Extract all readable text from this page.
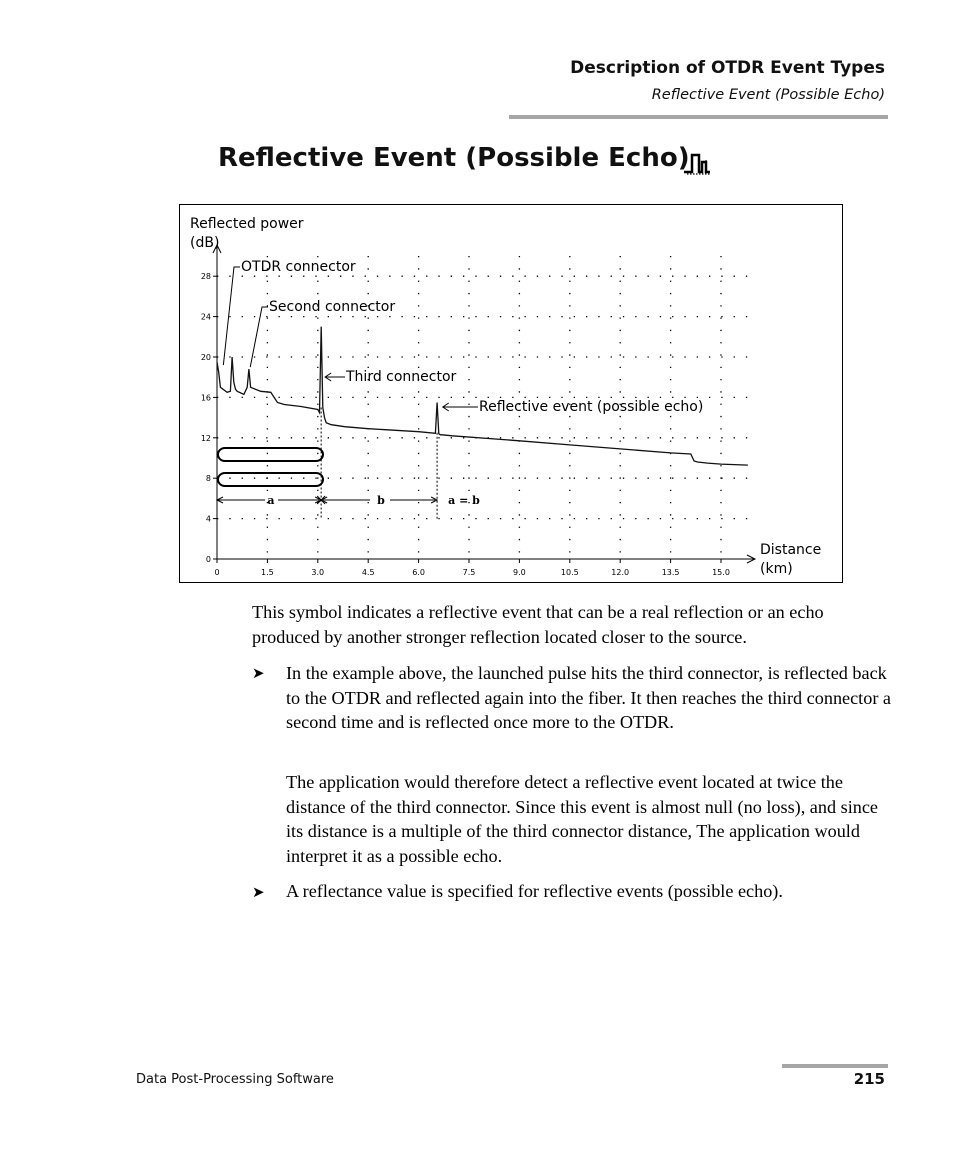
Description of OTDR Event Types
Reflective Event (Possible Echo)
Reflective Event (Possible Echo)
0	1.5	3.0	4.5	6.0	7.5	9.0	10.5	12.0	13.5	15.0
0
4
8
12
16
20
24
28
Reflected power
(dB)
Distance
(km)
OTDR connector
Second connector
Third connector
Reflective event (possible echo)
a	b	a = b

This symbol indicates a reflective event that can be a real reflection or an echo produced by another stronger reflection located closer to the source.

➤ In the example above, the launched pulse hits the third connector, is reflected back to the OTDR and reflected again into the fiber. It then reaches the third connector a second time and is reflected once more to the OTDR.

The application would therefore detect a reflective event located at twice the distance of the third connector. Since this event is almost null (no loss), and since its distance is a multiple of the third connector distance, The application would interpret it as a possible echo.

➤ A reflectance value is specified for reflective events (possible echo).

Data Post-Processing Software	215
